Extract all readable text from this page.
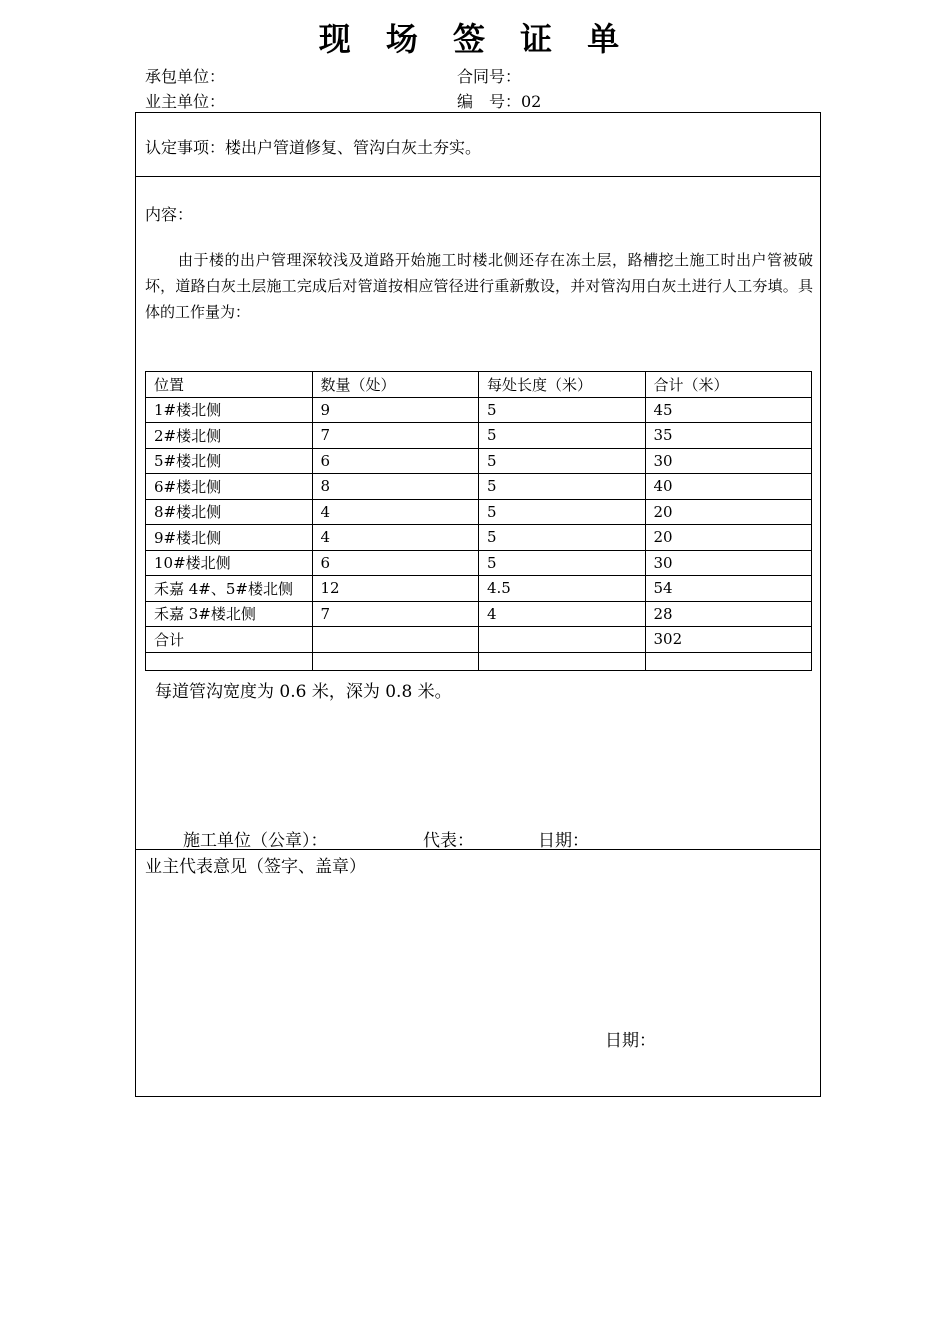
现 场 签 证 单
承包单位：	合同号：
业主单位：	编　号：02
认定事项：楼出户管道修复、管沟白灰土夯实。
内容：
由于楼的出户管理深较浅及道路开始施工时楼北侧还存在冻土层，路槽挖土施工时出户管被破坏，道路白灰土层施工完成后对管道按相应管径进行重新敷设，并对管沟用白灰土进行人工夯填。具体的工作量为：
位置	数量（处）	每处长度（米）	合计（米）
1#楼北侧	9	5	45
2#楼北侧	7	5	35
5#楼北侧	6	5	30
6#楼北侧	8	5	40
8#楼北侧	4	5	20
9#楼北侧	4	5	20
10#楼北侧	6	5	30
禾嘉 4#、5#楼北侧	12	4.5	54
禾嘉 3#楼北侧	7	4	28
合计			302

每道管沟宽度为 0.6 米，深为 0.8 米。
施工单位（公章）：	代表：	日期：
业主代表意见（签字、盖章）
日期：
